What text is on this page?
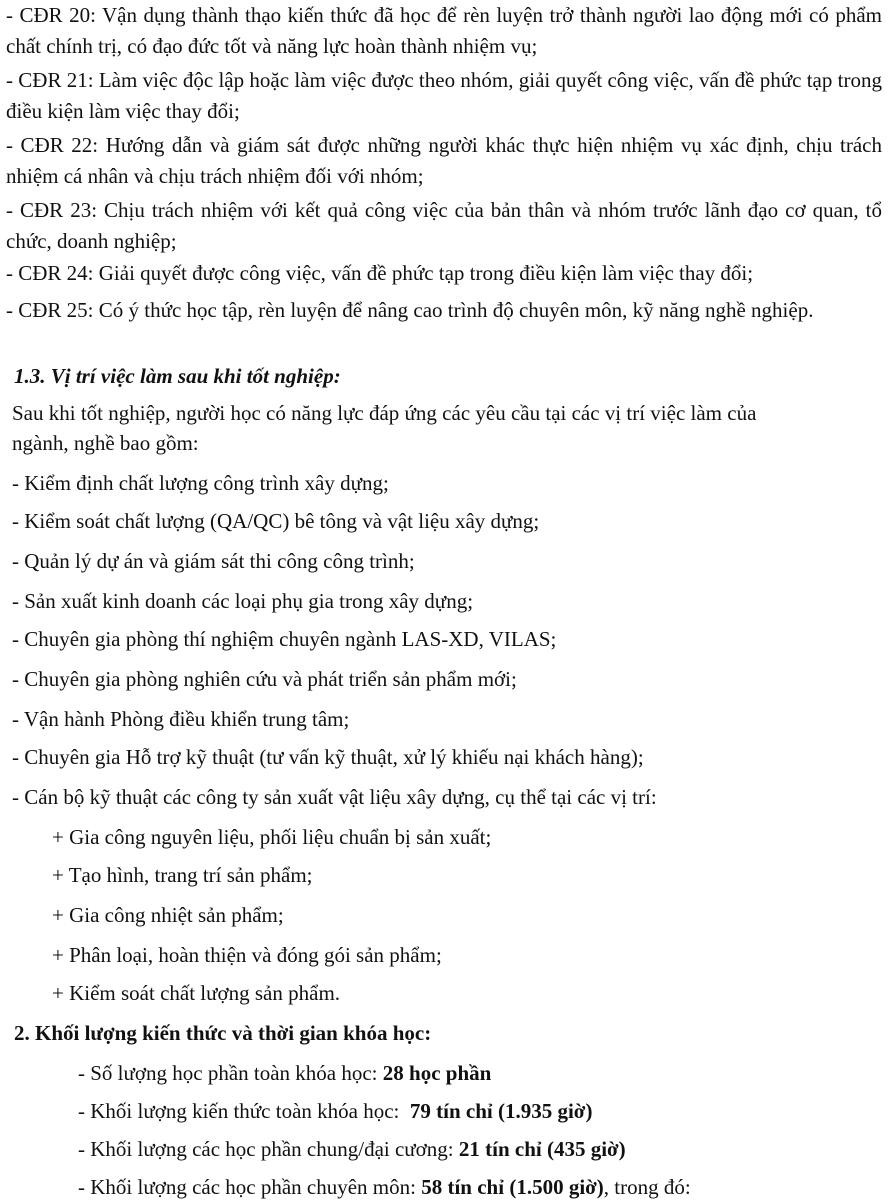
- CĐR 20: Vận dụng thành thạo kiến thức đã học để rèn luyện trở thành người lao động mới có phẩm chất chính trị, có đạo đức tốt và năng lực hoàn thành nhiệm vụ;
- CĐR 21: Làm việc độc lập hoặc làm việc được theo nhóm, giải quyết công việc, vấn đề phức tạp trong điều kiện làm việc thay đổi;
- CĐR 22: Hướng dẫn và giám sát được những người khác thực hiện nhiệm vụ xác định, chịu trách nhiệm cá nhân và chịu trách nhiệm đối với nhóm;
- CĐR 23: Chịu trách nhiệm với kết quả công việc của bản thân và nhóm trước lãnh đạo cơ quan, tổ chức, doanh nghiệp;
- CĐR 24: Giải quyết được công việc, vấn đề phức tạp trong điều kiện làm việc thay đổi;
- CĐR 25: Có ý thức học tập, rèn luyện để nâng cao trình độ chuyên môn, kỹ năng nghề nghiệp.
1.3. Vị trí việc làm sau khi tốt nghiệp:
Sau khi tốt nghiệp, người học có năng lực đáp ứng các yêu cầu tại các vị trí việc làm của
ngành, nghề bao gồm:
- Kiểm định chất lượng công trình xây dựng;
- Kiểm soát chất lượng (QA/QC) bê tông và vật liệu xây dựng;
- Quản lý dự án và giám sát thi công công trình;
- Sản xuất kinh doanh các loại phụ gia trong xây dựng;
- Chuyên gia phòng thí nghiệm chuyên ngành LAS-XD, VILAS;
- Chuyên gia phòng nghiên cứu và phát triển sản phẩm mới;
- Vận hành Phòng điều khiển trung tâm;
- Chuyên gia Hỗ trợ kỹ thuật (tư vấn kỹ thuật, xử lý khiếu nại khách hàng);
- Cán bộ kỹ thuật các công ty sản xuất vật liệu xây dựng, cụ thể tại các vị trí:
+ Gia công nguyên liệu, phối liệu chuẩn bị sản xuất;
+ Tạo hình, trang trí sản phẩm;
+ Gia công nhiệt sản phẩm;
+ Phân loại, hoàn thiện và đóng gói sản phẩm;
+ Kiểm soát chất lượng sản phẩm.
2. Khối lượng kiến thức và thời gian khóa học:
- Số lượng học phần toàn khóa học: 28 học phần
- Khối lượng kiến thức toàn khóa học:  79 tín chỉ (1.935 giờ)
- Khối lượng các học phần chung/đại cương: 21 tín chỉ (435 giờ)
- Khối lượng các học phần chuyên môn: 58 tín chỉ (1.500 giờ), trong đó:
